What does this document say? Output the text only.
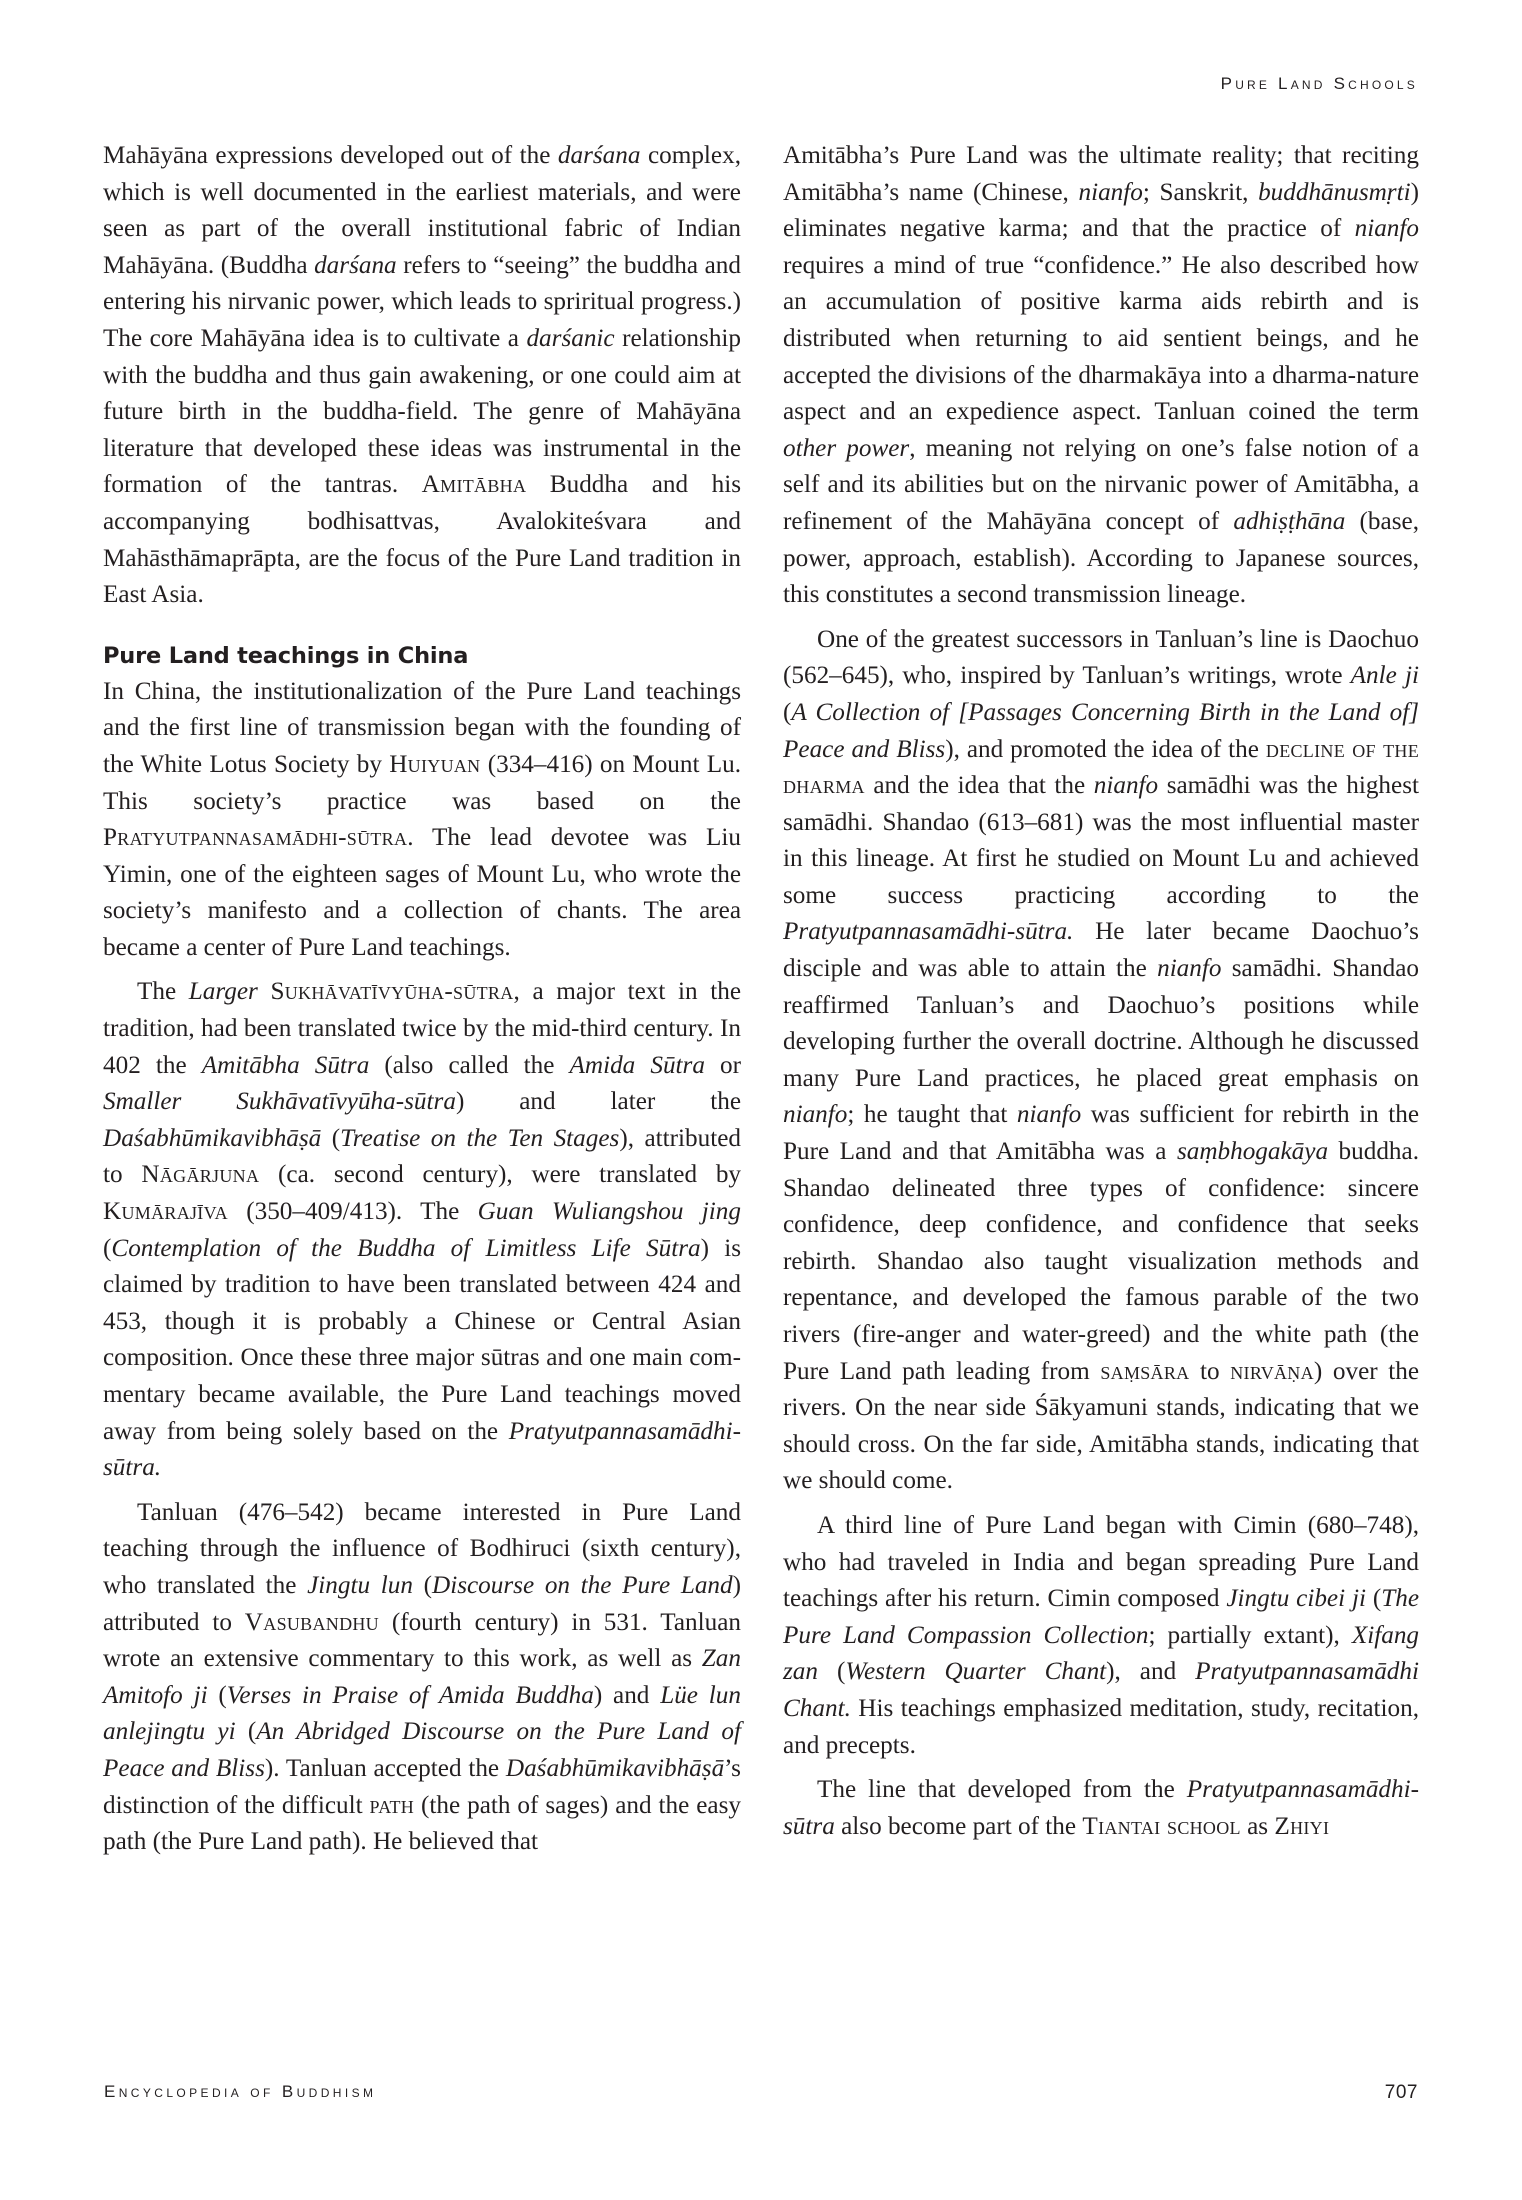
Pure Land Schools

Mahāyāna expressions developed out of the darśana complex, which is well documented in the earliest materials, and were seen as part of the overall institutional fabric of Indian Mahāyāna. (Buddha darśana refers to “seeing” the buddha and entering his nirvanic power, which leads to spriritual progress.) The core Mahāyāna idea is to cultivate a darśanic relationship with the buddha and thus gain awakening, or one could aim at future birth in the buddha-field. The genre of Mahāyāna literature that developed these ideas was instrumental in the formation of the tantras. Amitābha Buddha and his accompanying bodhisattvas, Avalokiteśvara and Mahāsthāmaprāpta, are the focus of the Pure Land tradition in East Asia.

Pure Land teachings in China

In China, the institutionalization of the Pure Land teachings and the first line of transmission began with the founding of the White Lotus Society by Huiyuan (334–416) on Mount Lu. This society’s practice was based on the Pratyutpannasamādhi-sūtra. The lead devotee was Liu Yimin, one of the eighteen sages of Mount Lu, who wrote the society’s manifesto and a collection of chants. The area became a center of Pure Land teachings.

The Larger Sukhāvatīvyūha-sūtra, a major text in the tradition, had been translated twice by the mid-third century. In 402 the Amitābha Sūtra (also called the Amida Sūtra or Smaller Sukhāvatīvyūha-sūtra) and later the Daśabhūmikavibhāṣā (Treatise on the Ten Stages), attributed to Nāgārjuna (ca. second century), were translated by Kumārajīva (350–409/413). The Guan Wuliangshou jing (Contemplation of the Buddha of Limitless Life Sūtra) is claimed by tradition to have been translated between 424 and 453, though it is probably a Chinese or Central Asian composition. Once these three major sūtras and one main commentary became available, the Pure Land teachings moved away from being solely based on the Pratyutpannasamādhi-sūtra.

Tanluan (476–542) became interested in Pure Land teaching through the influence of Bodhiruci (sixth century), who translated the Jingtu lun (Discourse on the Pure Land) attributed to Vasubandhu (fourth century) in 531. Tanluan wrote an extensive commentary to this work, as well as Zan Amitofo ji (Verses in Praise of Amida Buddha) and Lüe lun anlejingtu yi (An Abridged Discourse on the Pure Land of Peace and Bliss). Tanluan accepted the Daśabhūmikavibhāṣā’s distinction of the difficult path (the path of sages) and the easy path (the Pure Land path). He believed that

Amitābha’s Pure Land was the ultimate reality; that reciting Amitābha’s name (Chinese, nianfo; Sanskrit, buddhānusmṛti) eliminates negative karma; and that the practice of nianfo requires a mind of true “confidence.” He also described how an accumulation of positive karma aids rebirth and is distributed when returning to aid sentient beings, and he accepted the divisions of the dharmakāya into a dharma-nature aspect and an expedience aspect. Tanluan coined the term other power, meaning not relying on one’s false notion of a self and its abilities but on the nirvanic power of Amitābha, a refinement of the Mahāyāna concept of adhiṣṭhāna (base, power, approach, establish). According to Japanese sources, this constitutes a second transmission lineage.

One of the greatest successors in Tanluan’s line is Daochuo (562–645), who, inspired by Tanluan’s writings, wrote Anle ji (A Collection of [Passages Concerning Birth in the Land of] Peace and Bliss), and promoted the idea of the decline of the dharma and the idea that the nianfo samādhi was the highest samādhi. Shandao (613–681) was the most influential master in this lineage. At first he studied on Mount Lu and achieved some success practicing according to the Pratyutpannasamādhi-sūtra. He later became Daochuo’s disciple and was able to attain the nianfo samādhi. Shandao reaffirmed Tanluan’s and Daochuo’s positions while developing further the overall doctrine. Although he discussed many Pure Land practices, he placed great emphasis on nianfo; he taught that nianfo was sufficient for rebirth in the Pure Land and that Amitābha was a saṃbhogakāya buddha. Shandao delineated three types of confidence: sincere confidence, deep confidence, and confidence that seeks rebirth. Shandao also taught visualization methods and repentance, and developed the famous parable of the two rivers (fire-anger and water-greed) and the white path (the Pure Land path leading from saṃsāra to nirvāṇa) over the rivers. On the near side Śākyamuni stands, indicating that we should cross. On the far side, Amitābha stands, indicating that we should come.

A third line of Pure Land began with Cimin (680–748), who had traveled in India and began spreading Pure Land teachings after his return. Cimin composed Jingtu cibei ji (The Pure Land Compassion Collection; partially extant), Xifang zan (Western Quarter Chant), and Pratyutpannasamādhi Chant. His teachings emphasized meditation, study, recitation, and precepts.

The line that developed from the Pratyutpannasamādhi-sūtra also become part of the Tiantai school as Zhiyi

Encyclopedia of Buddhism	707
